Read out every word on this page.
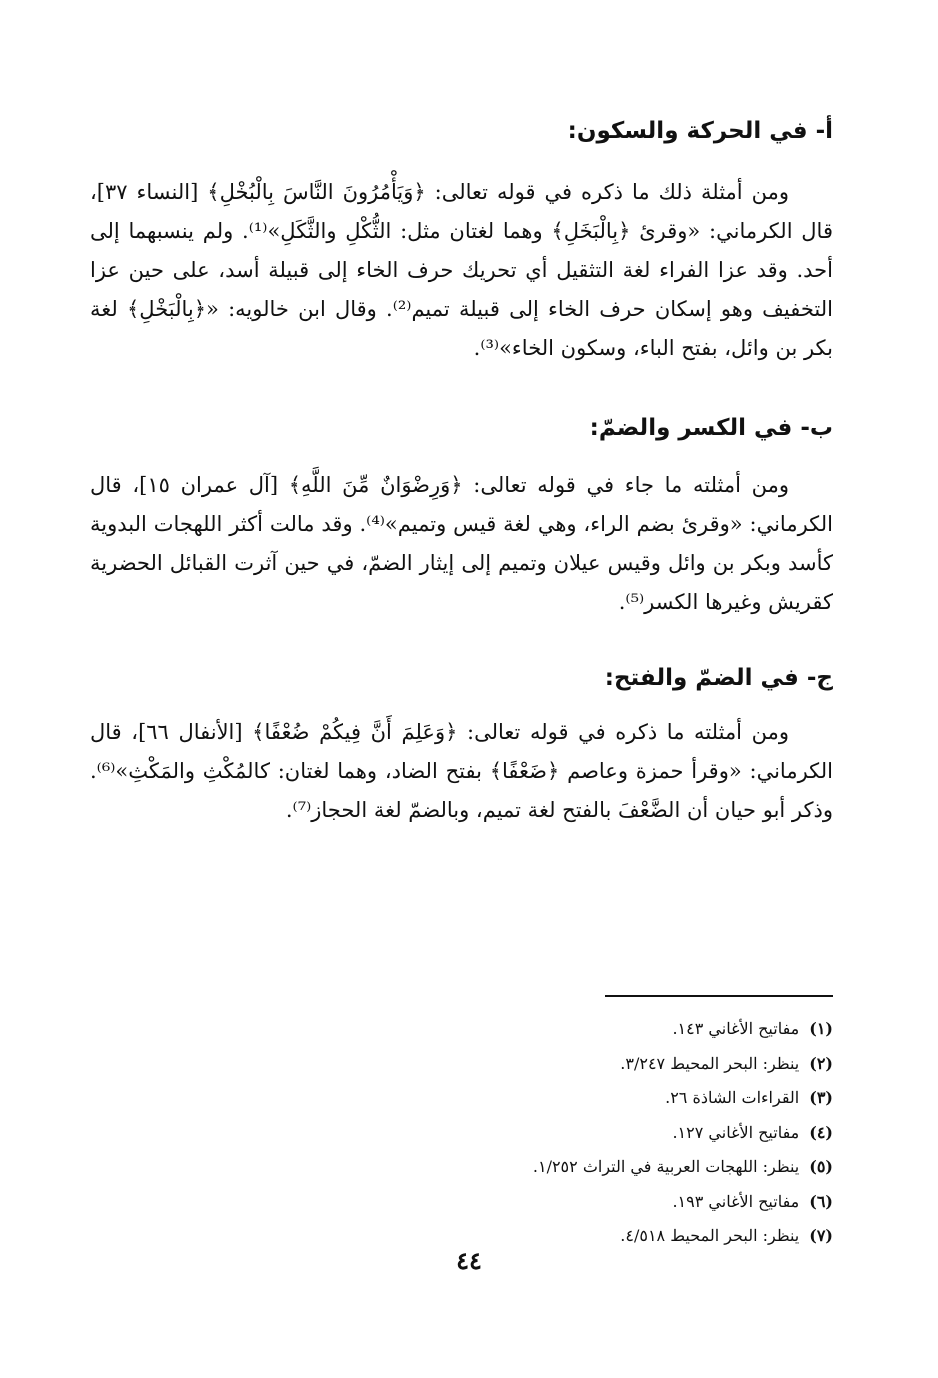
أ- في الحركة والسكون:

ومن أمثلة ذلك ما ذكره في قوله تعالى: ﴿وَيَأْمُرُونَ النَّاسَ بِالْبُخْلِ﴾ [النساء ٣٧]، قال الكرماني: «وقرئ ﴿بِالْبَخَلِ﴾ وهما لغتان مثل: الثُّكْلِ والثَّكَلِ»⁽¹⁾. ولم ينسبهما إلى أحد. وقد عزا الفراء لغة التثقيل أي تحريك حرف الخاء إلى قبيلة أسد، على حين عزا التخفيف وهو إسكان حرف الخاء إلى قبيلة تميم⁽²⁾. وقال ابن خالويه: «﴿بِالْبَخْلِ﴾ لغة بكر بن وائل، بفتح الباء، وسكون الخاء»⁽³⁾.

ب- في الكسر والضمّ:

ومن أمثلته ما جاء في قوله تعالى: ﴿وَرِضْوَانٌ مِّنَ اللَّهِ﴾ [آل عمران ١٥]، قال الكرماني: «وقرئ بضم الراء، وهي لغة قيس وتميم»⁽⁴⁾. وقد مالت أكثر اللهجات البدوية كأسد وبكر بن وائل وقيس عيلان وتميم إلى إيثار الضمّ، في حين آثرت القبائل الحضرية كقريش وغيرها الكسر⁽⁵⁾.

ج- في الضمّ والفتح:

ومن أمثلته ما ذكره في قوله تعالى: ﴿وَعَلِمَ أَنَّ فِيكُمْ ضُعْفًا﴾ [الأنفال ٦٦]، قال الكرماني: «وقرأ حمزة وعاصم ﴿ضَعْفًا﴾ بفتح الضاد، وهما لغتان: كالمُكْثِ والمَكْثِ»⁽⁶⁾. وذكر أبو حيان أن الضَّعْفَ بالفتح لغة تميم، وبالضمّ لغة الحجاز⁽⁷⁾.

(١)مفاتيح الأغاني ١٤٣.
(٢)ينظر: البحر المحيط ٣/٢٤٧.
(٣)القراءات الشاذة ٢٦.
(٤)مفاتيح الأغاني ١٢٧.
(٥)ينظر: اللهجات العربية في التراث ١/٢٥٢.
(٦)مفاتيح الأغاني ١٩٣.
(٧)ينظر: البحر المحيط ٤/٥١٨.
٤٤
